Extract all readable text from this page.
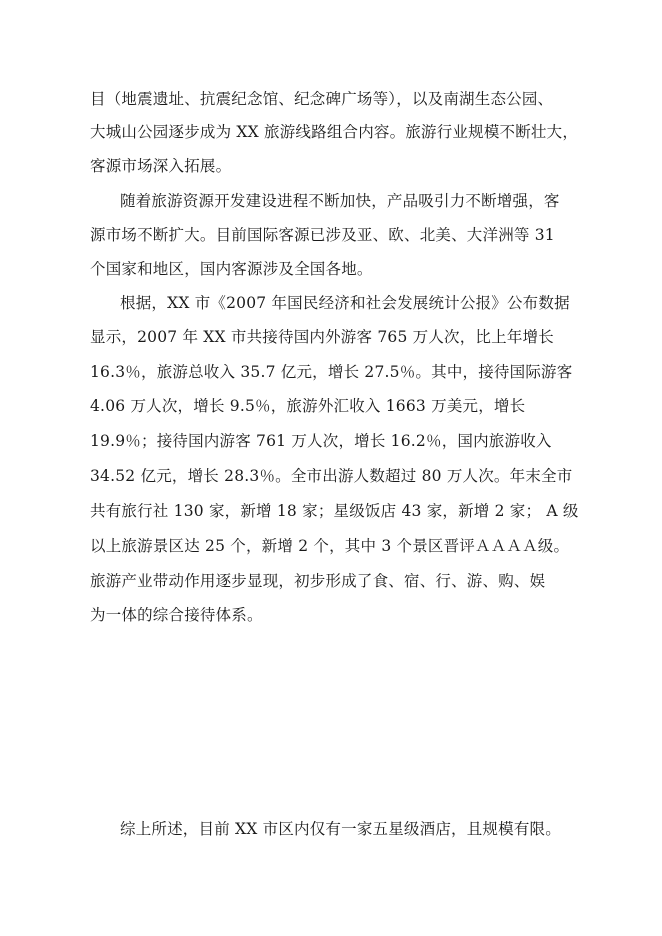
目（地震遗址、抗震纪念馆、纪念碑广场等），以及南湖生态公园、

大城山公园逐步成为 XX 旅游线路组合内容。旅游行业规模不断壮大，

客源市场深入拓展。

随着旅游资源开发建设进程不断加快，产品吸引力不断增强，客

源市场不断扩大。目前国际客源已涉及亚、欧、北美、大洋洲等 31

个国家和地区，国内客源涉及全国各地。

根据，XX 市《2007 年国民经济和社会发展统计公报》公布数据

显示，2007 年 XX 市共接待国内外游客 765 万人次，比上年增长

16.3％，旅游总收入 35.7 亿元，增长 27.5％。其中，接待国际游客

4.06 万人次，增长 9.5％，旅游外汇收入 1663 万美元，增长

19.9％；接待国内游客 761 万人次，增长 16.2％，国内旅游收入

34.52 亿元，增长 28.3％。全市出游人数超过 80 万人次。年末全市

共有旅行社 130 家，新增 18 家；星级饭店 43 家，新增 2 家； A 级

以上旅游景区达 25 个，新增 2 个，其中 3 个景区晋评ＡＡＡＡ级。

旅游产业带动作用逐步显现，初步形成了食、宿、行、游、购、娱

为一体的综合接待体系。

综上所述，目前 XX 市区内仅有一家五星级酒店，且规模有限。
